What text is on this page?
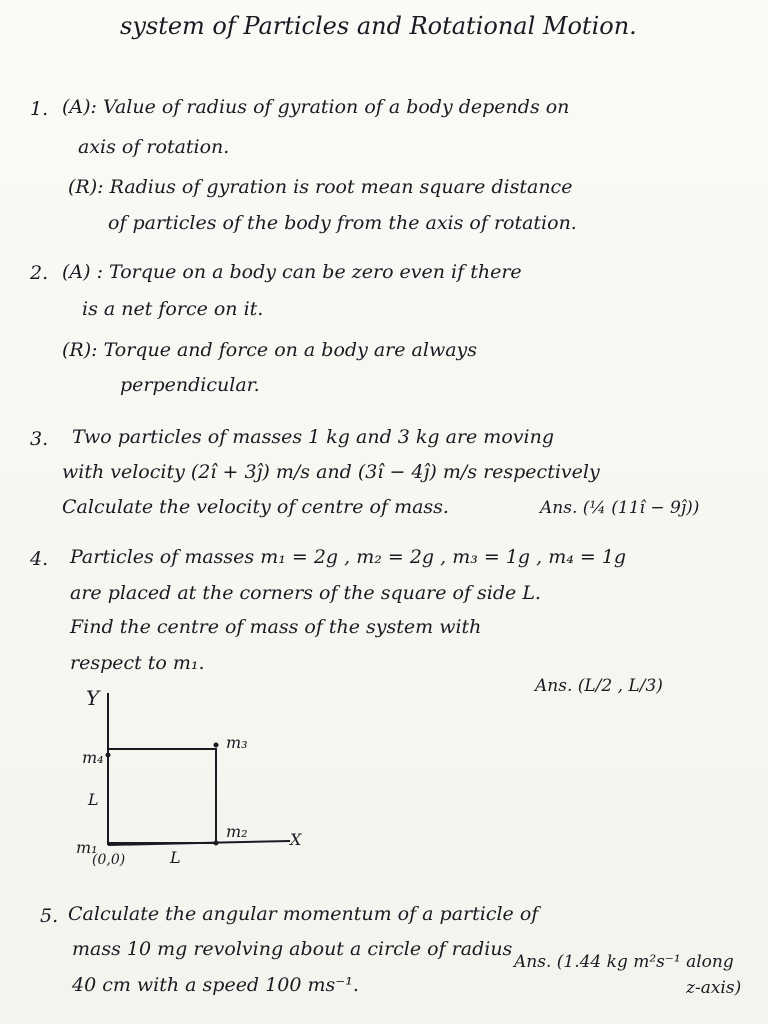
system of Particles and Rotational Motion.
1. (A): Value of radius of gyration of a body depends on
axis of rotation.
(R): Radius of gyration is root mean square distance
of particles of the body from the axis of rotation.
2. (A) : Torque on a body can be zero even if there
is a net force on it.
(R): Torque and force on a body are always
perpendicular.
3. Two particles of masses 1 kg and 3 kg are moving
with velocity (2î + 3ĵ) m/s and (3î − 4ĵ) m/s respectively
Calculate the velocity of centre of mass.	Ans. (¼ (11î − 9ĵ))
4. Particles of masses m₁ = 2g , m₂ = 2g , m₃ = 1g , m₄ = 1g
are placed at the corners of the square of side L.
Find the centre of mass of the system with
respect to m₁.
Ans. (L/2 , L/3)
Y
X
m₃
m₄
m₂
m₁
L
L
(0,0)
5. Calculate the angular momentum of a particle of
mass 10 mg revolving about a circle of radius
40 cm with a speed 100 ms⁻¹.
Ans. (1.44 kg m²s⁻¹ along
z-axis)
